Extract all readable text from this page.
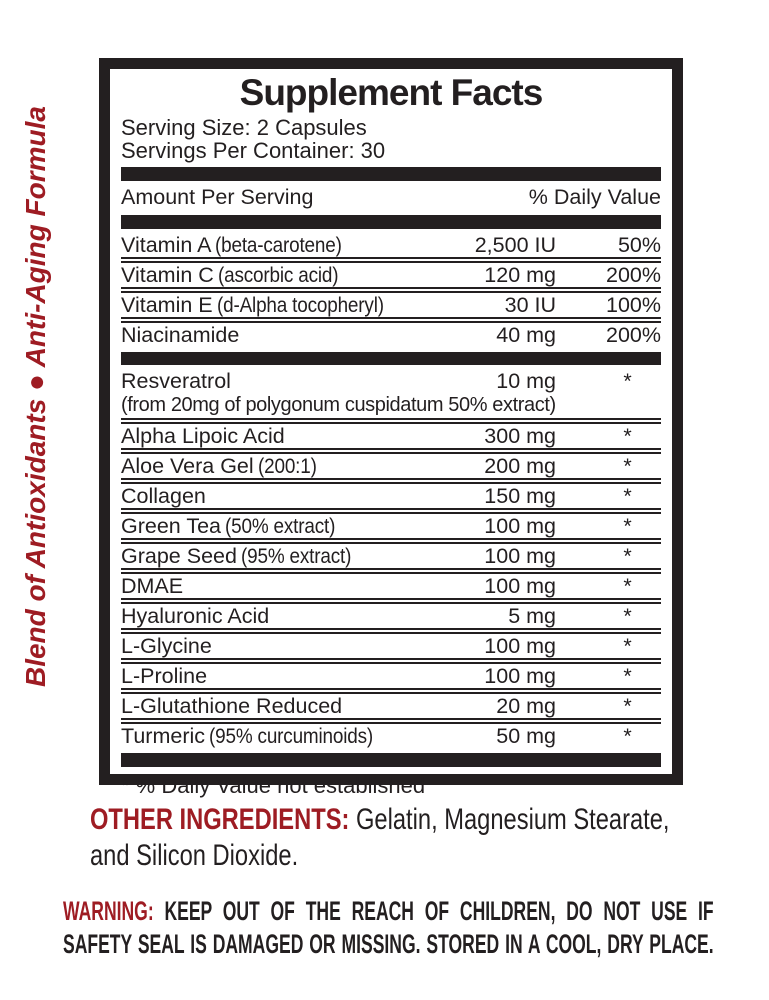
Blend of Antioxidants ● Anti-Aging Formula
Supplement Facts
Serving Size: 2 Capsules
Servings Per Container: 30
Amount Per Serving	% Daily Value
Vitamin A (beta-carotene)	2,500 IU	50%
Vitamin C (ascorbic acid)	120 mg	200%
Vitamin E (d-Alpha tocopheryl)	30 IU	100%
Niacinamide	40 mg	200%
Resveratrol	10 mg	*
(from 20mg of polygonum cuspidatum 50% extract)
Alpha Lipoic Acid	300 mg	*
Aloe Vera Gel (200:1)	200 mg	*
Collagen	150 mg	*
Green Tea (50% extract)	100 mg	*
Grape Seed (95% extract)	100 mg	*
DMAE	100 mg	*
Hyaluronic Acid	5 mg	*
L-Glycine	100 mg	*
L-Proline	100 mg	*
L-Glutathione Reduced	20 mg	*
Turmeric (95% curcuminoids)	50 mg	*
* % Daily Value not established

OTHER INGREDIENTS: Gelatin, Magnesium Stearate, and Silicon Dioxide.

WARNING: KEEP OUT OF THE REACH OF CHILDREN, DO NOT USE IF SAFETY SEAL IS DAMAGED OR MISSING. STORED IN A COOL, DRY PLACE.
